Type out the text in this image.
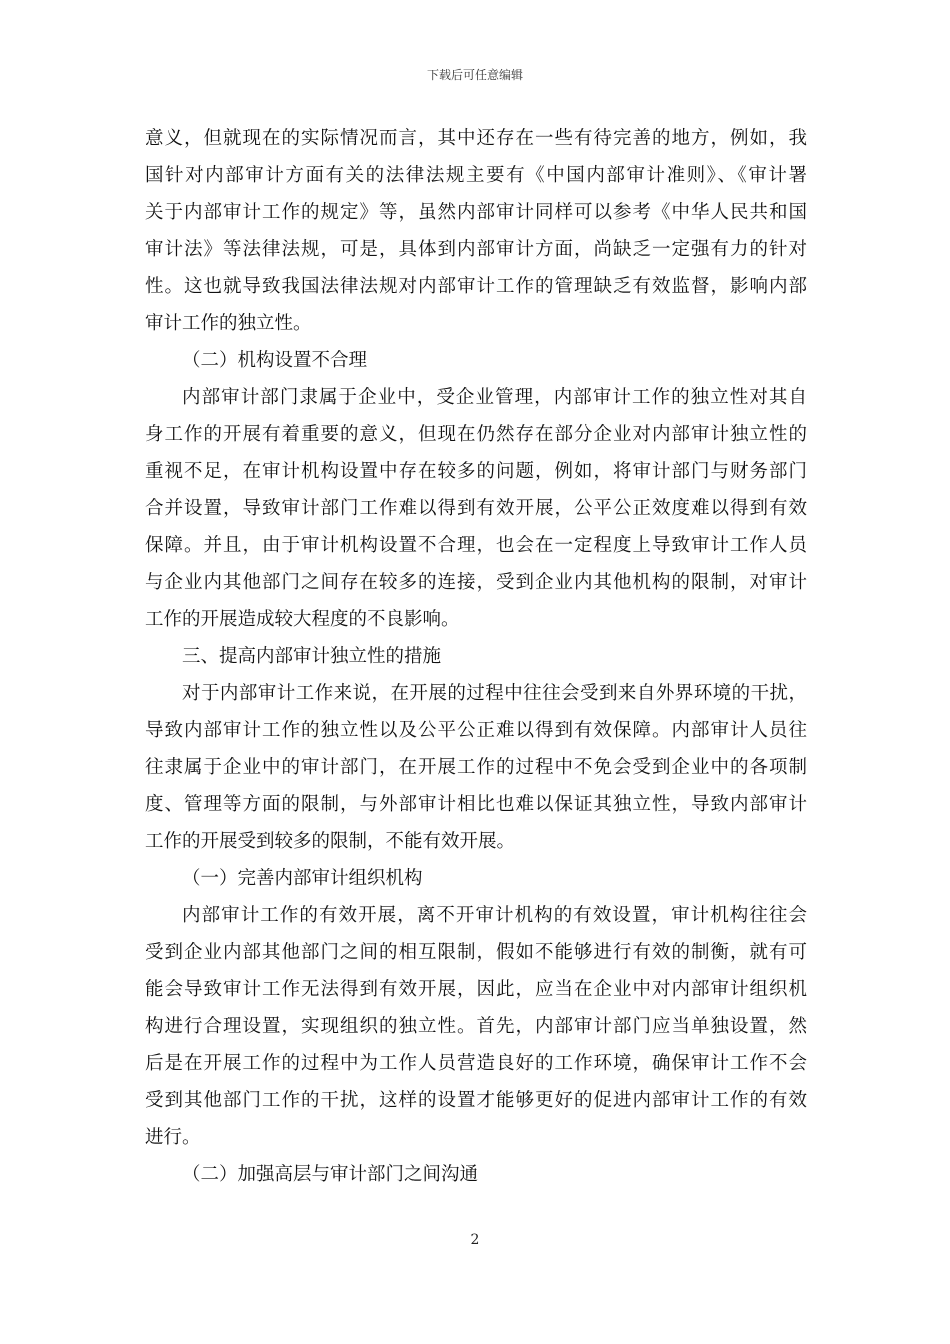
下载后可任意编辑
意义，但就现在的实际情况而言，其中还存在一些有待完善的地方，例如，我
国针对内部审计方面有关的法律法规主要有《中国内部审计准则》、《审计署
关于内部审计工作的规定》等，虽然内部审计同样可以参考《中华人民共和国
审计法》等法律法规，可是，具体到内部审计方面，尚缺乏一定强有力的针对
性。这也就导致我国法律法规对内部审计工作的管理缺乏有效监督，影响内部
审计工作的独立性。
（二）机构设置不合理
内部审计部门隶属于企业中，受企业管理，内部审计工作的独立性对其自
身工作的开展有着重要的意义，但现在仍然存在部分企业对内部审计独立性的
重视不足，在审计机构设置中存在较多的问题，例如，将审计部门与财务部门
合并设置，导致审计部门工作难以得到有效开展，公平公正效度难以得到有效
保障。并且，由于审计机构设置不合理，也会在一定程度上导致审计工作人员
与企业内其他部门之间存在较多的连接，受到企业内其他机构的限制，对审计
工作的开展造成较大程度的不良影响。
三、提高内部审计独立性的措施
对于内部审计工作来说，在开展的过程中往往会受到来自外界环境的干扰，
导致内部审计工作的独立性以及公平公正难以得到有效保障。内部审计人员往
往隶属于企业中的审计部门，在开展工作的过程中不免会受到企业中的各项制
度、管理等方面的限制，与外部审计相比也难以保证其独立性，导致内部审计
工作的开展受到较多的限制，不能有效开展。
（一）完善内部审计组织机构
内部审计工作的有效开展，离不开审计机构的有效设置，审计机构往往会
受到企业内部其他部门之间的相互限制，假如不能够进行有效的制衡，就有可
能会导致审计工作无法得到有效开展，因此，应当在企业中对内部审计组织机
构进行合理设置，实现组织的独立性。首先，内部审计部门应当单独设置，然
后是在开展工作的过程中为工作人员营造良好的工作环境，确保审计工作不会
受到其他部门工作的干扰，这样的设置才能够更好的促进内部审计工作的有效
进行。
（二）加强高层与审计部门之间沟通
2
